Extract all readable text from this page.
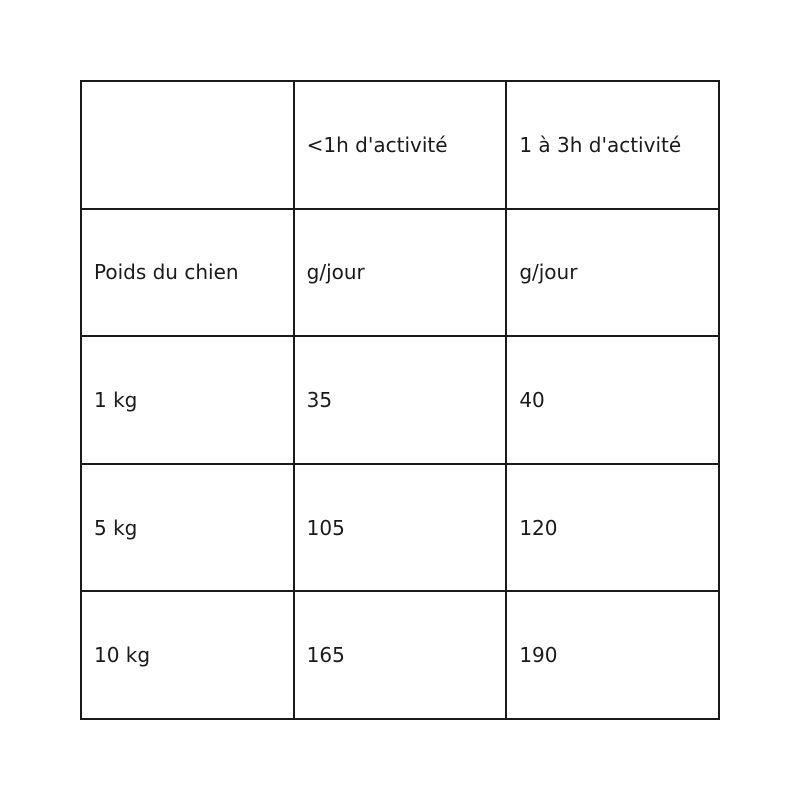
	<1h d'activité	1 à 3h d'activité
Poids du chien	g/jour	g/jour
1 kg	35	40
5 kg	105	120
10 kg	165	190
